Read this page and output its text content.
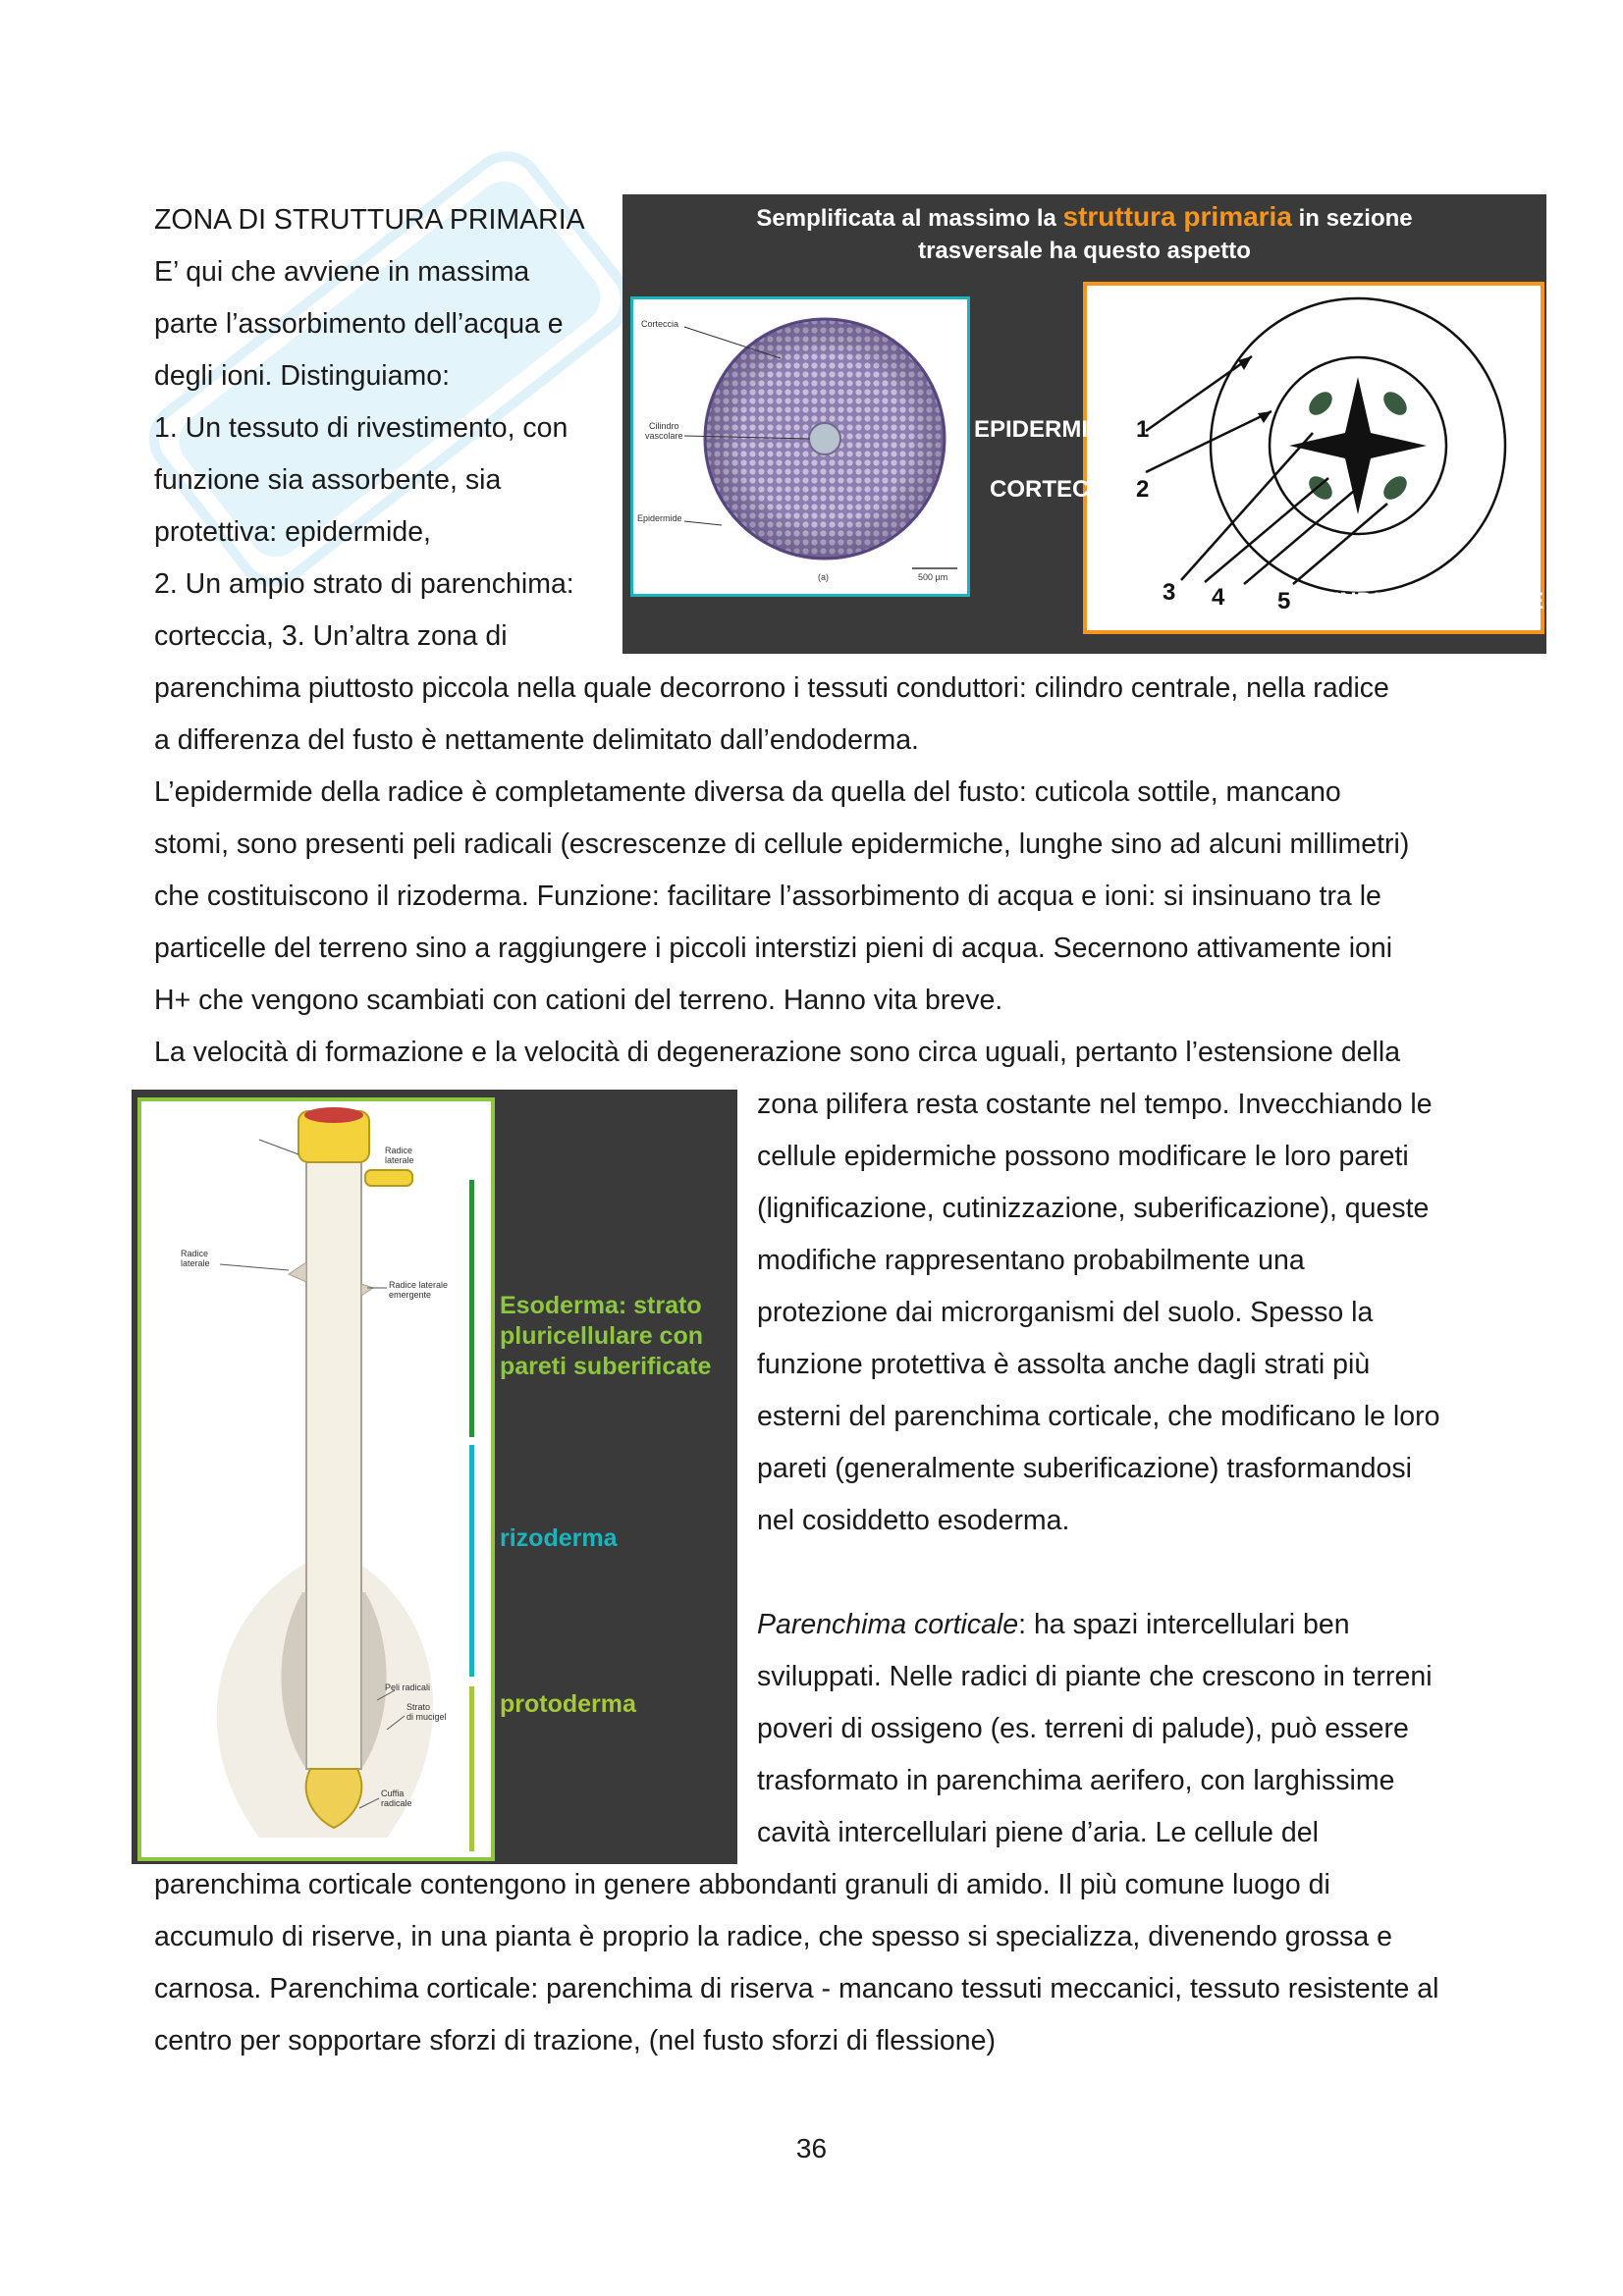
ZONA DI STRUTTURA PRIMARIA
E’ qui che avviene in massima
parte l’assorbimento dell’acqua e
degli ioni. Distinguiamo:
1. Un tessuto di rivestimento, con
funzione sia assorbente, sia
protettiva: epidermide,
2. Un ampio strato di parenchima:
corteccia, 3. Un’altra zona di
Semplificata al massimo la struttura primaria in sezione
trasversale ha questo aspetto
Corteccia
Cilindro
vascolare
Epidermide
500 µm
(a)
EPIDERMIDE
CORTECCIA
1
2
3 4 5 CILINDRO CENTRALE
parenchima piuttosto piccola nella quale decorrono i tessuti conduttori: cilindro centrale, nella radice
a differenza del fusto è nettamente delimitato dall’endoderma.
L’epidermide della radice è completamente diversa da quella del fusto: cuticola sottile, mancano
stomi, sono presenti peli radicali (escrescenze di cellule epidermiche, lunghe sino ad alcuni millimetri)
che costituiscono il rizoderma. Funzione: facilitare l’assorbimento di acqua e ioni: si insinuano tra le
particelle del terreno sino a raggiungere i piccoli interstizi pieni di acqua. Secernono attivamente ioni
H+ che vengono scambiati con cationi del terreno. Hanno vita breve.
La velocità di formazione e la velocità di degenerazione sono circa uguali, pertanto l’estensione della
Radice
laterale
Radice
laterale
Radice laterale
emergente
Peli radicali
Strato
di mucigel
Cuffia
radicale
Esoderma: strato
pluricellulare con
pareti suberificate
rizoderma
protoderma
zona pilifera resta costante nel tempo. Invecchiando le
cellule epidermiche possono modificare le loro pareti
(lignificazione, cutinizzazione, suberificazione), queste
modifiche rappresentano probabilmente una
protezione dai microrganismi del suolo. Spesso la
funzione protettiva è assolta anche dagli strati più
esterni del parenchima corticale, che modificano le loro
pareti (generalmente suberificazione) trasformandosi
nel cosiddetto esoderma.
Parenchima corticale: ha spazi intercellulari ben
sviluppati. Nelle radici di piante che crescono in terreni
poveri di ossigeno (es. terreni di palude), può essere
trasformato in parenchima aerifero, con larghissime
cavità intercellulari piene d’aria. Le cellule del
parenchima corticale contengono in genere abbondanti granuli di amido. Il più comune luogo di
accumulo di riserve, in una pianta è proprio la radice, che spesso si specializza, divenendo grossa e
carnosa. Parenchima corticale: parenchima di riserva - mancano tessuti meccanici, tessuto resistente al
centro per sopportare sforzi di trazione, (nel fusto sforzi di flessione)
36
